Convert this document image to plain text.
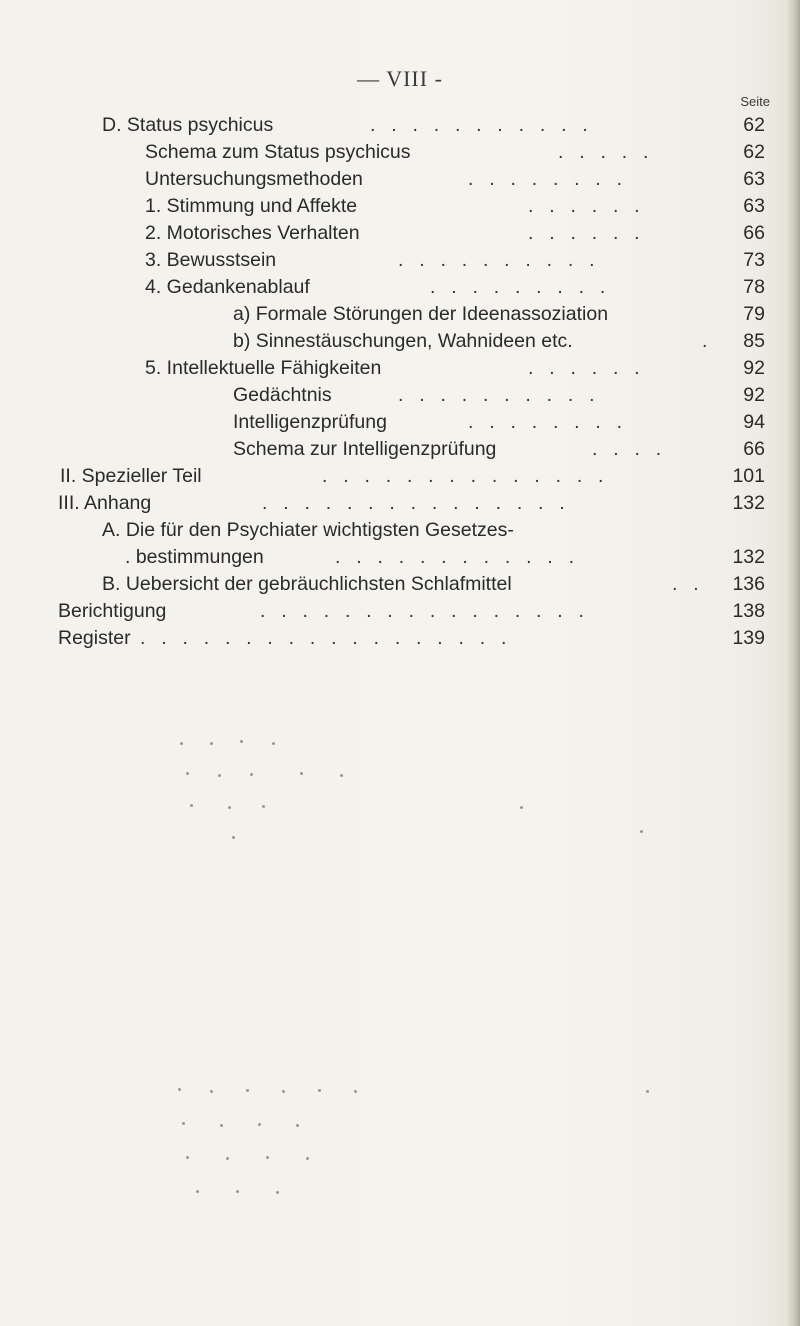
— VIII -
Seite
D. Status psychicus	. . . . . . . . . . .	62
Schema zum Status psychicus	. . . . .	62
Untersuchungsmethoden	. . . . . . . .	63
1. Stimmung und Affekte	. . . . . .	63
2. Motorisches Verhalten	. . . . . .	66
3. Bewusstsein	. . . . . . . . . .	73
4. Gedankenablauf	. . . . . . . . .	78
a) Formale Störungen der Ideenassoziation	79
b) Sinnestäuschungen, Wahnideen etc.	.	85
5. Intellektuelle Fähigkeiten	. . . . . .	92
Gedächtnis	. . . . . . . . . .	92
Intelligenzprüfung	. . . . . . . .	94
Schema zur Intelligenzprüfung	. . . .	66
II. Spezieller Teil	. . . . . . . . . . . . . .	101
III. Anhang	. . . . . . . . . . . . . . .	132
A. Die für den Psychiater wichtigsten Gesetzes-
. bestimmungen	. . . . . . . . . . . .	132
B. Uebersicht der gebräuchlichsten Schlafmittel	. .	136
Berichtigung	. . . . . . . . . . . . . . . .	138
Register . . . . . . . . . . . . . . . . . .	139
